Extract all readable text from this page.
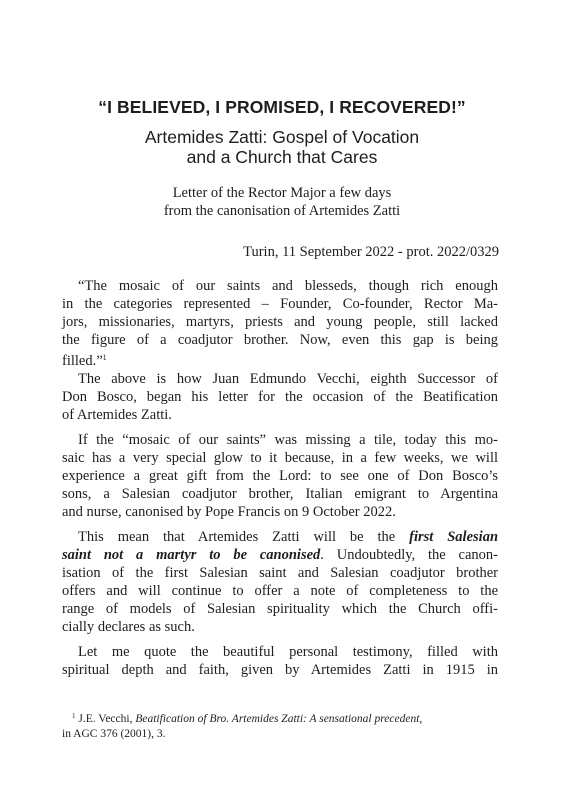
“I BELIEVED, I PROMISED, I RECOVERED!”
Artemides Zatti: Gospel of Vocation
and a Church that Cares
Letter of the Rector Major a few days
from the canonisation of Artemides Zatti
Turin, 11 September 2022 - prot. 2022/0329

“The mosaic of our saints and blesseds, though rich enough
in the categories represented – Founder, Co-founder, Rector Ma-
jors, missionaries, martyrs, priests and young people, still lacked
the figure of a coadjutor brother. Now, even this gap is being
filled.”$^1$

The above is how Juan Edmundo Vecchi, eighth Successor of
Don Bosco, began his letter for the occasion of the Beatification
of Artemides Zatti.

If the “mosaic of our saints” was missing a tile, today this mo-
saic has a very special glow to it because, in a few weeks, we will
experience a great gift from the Lord: to see one of Don Bosco’s
sons, a Salesian coadjutor brother, Italian emigrant to Argentina
and nurse, canonised by Pope Francis on 9 October 2022.

This mean that Artemides Zatti will be the first Salesian
saint not a martyr to be canonised. Undoubtedly, the canon-
isation of the first Salesian saint and Salesian coadjutor brother
offers and will continue to offer a note of completeness to the
range of models of Salesian spirituality which the Church offi-
cially declares as such.

Let me quote the beautiful personal testimony, filled with
spiritual depth and faith, given by Artemides Zatti in 1915 in

$^1$ J.E. Vecchi, Beatification of Bro. Artemides Zatti: A sensational precedent,
in AGC 376 (2001), 3.
